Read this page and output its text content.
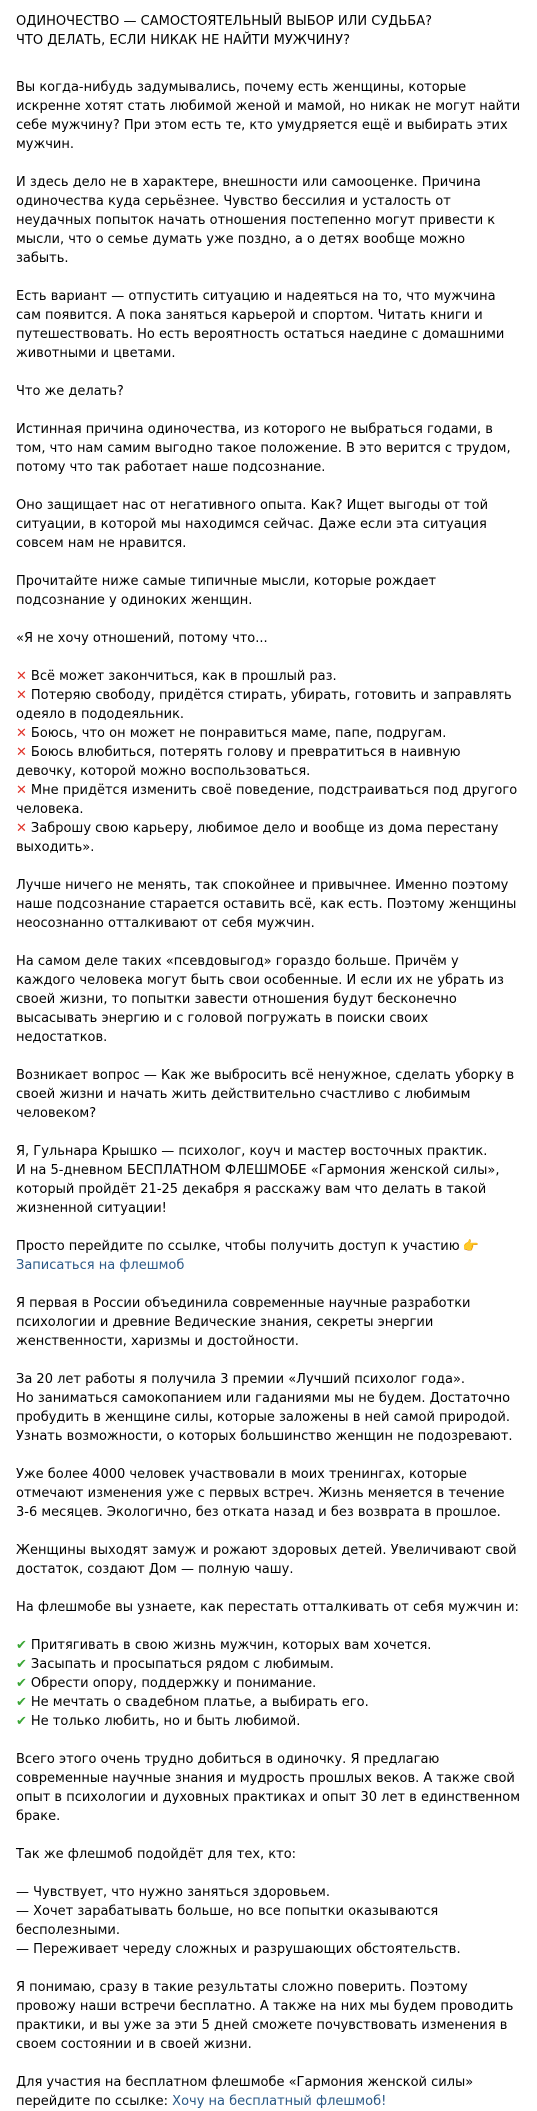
ОДИНОЧЕСТВО — САМОСТОЯТЕЛЬНЫЙ ВЫБОР ИЛИ СУДЬБА?
ЧТО ДЕЛАТЬ, ЕСЛИ НИКАК НЕ НАЙТИ МУЖЧИНУ?
Вы когда-нибудь задумывались, почему есть женщины, которые искренне хотят стать любимой женой и мамой, но никак не могут найти себе мужчину? При этом есть те, кто умудряется ещё и выбирать этих мужчин.
И здесь дело не в характере, внешности или самооценке. Причина одиночества куда серьёзнее. Чувство бессилия и усталость от неудачных попыток начать отношения постепенно могут привести к мысли, что о семье думать уже поздно, а о детях вообще можно забыть.
Есть вариант — отпустить ситуацию и надеяться на то, что мужчина сам появится. А пока заняться карьерой и спортом. Читать книги и путешествовать. Но есть вероятность остаться наедине с домашними животными и цветами.
Что же делать?
Истинная причина одиночества, из которого не выбраться годами, в том, что нам самим выгодно такое положение. В это верится с трудом, потому что так работает наше подсознание.
Оно защищает нас от негативного опыта. Как? Ищет выгоды от той ситуации, в которой мы находимся сейчас. Даже если эта ситуация совсем нам не нравится.
Прочитайте ниже самые типичные мысли, которые рождает подсознание у одиноких женщин.
«Я не хочу отношений, потому что...
✕ Всё может закончиться, как в прошлый раз.
✕ Потеряю свободу, придётся стирать, убирать, готовить и заправлять одеяло в пододеяльник.
✕ Боюсь, что он может не понравиться маме, папе, подругам.
✕ Боюсь влюбиться, потерять голову и превратиться в наивную девочку, которой можно воспользоваться.
✕ Мне придётся изменить своё поведение, подстраиваться под другого человека.
✕ Заброшу свою карьеру, любимое дело и вообще из дома перестану выходить».
Лучше ничего не менять, так спокойнее и привычнее. Именно поэтому наше подсознание старается оставить всё, как есть. Поэтому женщины неосознанно отталкивают от себя мужчин.
На самом деле таких «псевдовыгод» гораздо больше. Причём у каждого человека могут быть свои особенные. И если их не убрать из своей жизни, то попытки завести отношения будут бесконечно высасывать энергию и с головой погружать в поиски своих недостатков.
Возникает вопрос — Как же выбросить всё ненужное, сделать уборку в своей жизни и начать жить действительно счастливо с любимым человеком?
Я, Гульнара Крышко — психолог, коуч и мастер восточных практик.
И на 5-дневном БЕСПЛАТНОМ ФЛЕШМОБЕ «Гармония женской силы», который пройдёт 21-25 декабря я расскажу вам что делать в такой жизненной ситуации!
Просто перейдите по ссылке, чтобы получить доступ к участию 👉Записаться на флешмоб
Я первая в России объединила современные научные разработки психологии и древние Ведические знания, секреты энергии женственности, харизмы и достойности.
За 20 лет работы я получила 3 премии «Лучший психолог года».
Но заниматься самокопанием или гаданиями мы не будем. Достаточно пробудить в женщине силы, которые заложены в ней самой природой. Узнать возможности, о которых большинство женщин не подозревают.
Уже более 4000 человек участвовали в моих тренингах, которые отмечают изменения уже с первых встреч. Жизнь меняется в течение 3-6 месяцев. Экологично, без отката назад и без возврата в прошлое.
Женщины выходят замуж и рожают здоровых детей. Увеличивают свой достаток, создают Дом — полную чашу.
На флешмобе вы узнаете, как перестать отталкивать от себя мужчин и:
✔ Притягивать в свою жизнь мужчин, которых вам хочется.
✔ Засыпать и просыпаться рядом с любимым.
✔ Обрести опору, поддержку и понимание.
✔ Не мечтать о свадебном платье, а выбирать его.
✔ Не только любить, но и быть любимой.
Всего этого очень трудно добиться в одиночку. Я предлагаю современные научные знания и мудрость прошлых веков. А также свой опыт в психологии и духовных практиках и опыт 30 лет в единственном браке.
Так же флешмоб подойдёт для тех, кто:
— Чувствует, что нужно заняться здоровьем.
— Хочет зарабатывать больше, но все попытки оказываются бесполезными.
— Переживает череду сложных и разрушающих обстоятельств.
Я понимаю, сразу в такие результаты сложно поверить. Поэтому провожу наши встречи бесплатно. А также на них мы будем проводить практики, и вы уже за эти 5 дней сможете почувствовать изменения в своем состоянии и в своей жизни.
Для участия на бесплатном флешмобе «Гармония женской силы» перейдите по ссылке: Хочу на бесплатный флешмоб!
